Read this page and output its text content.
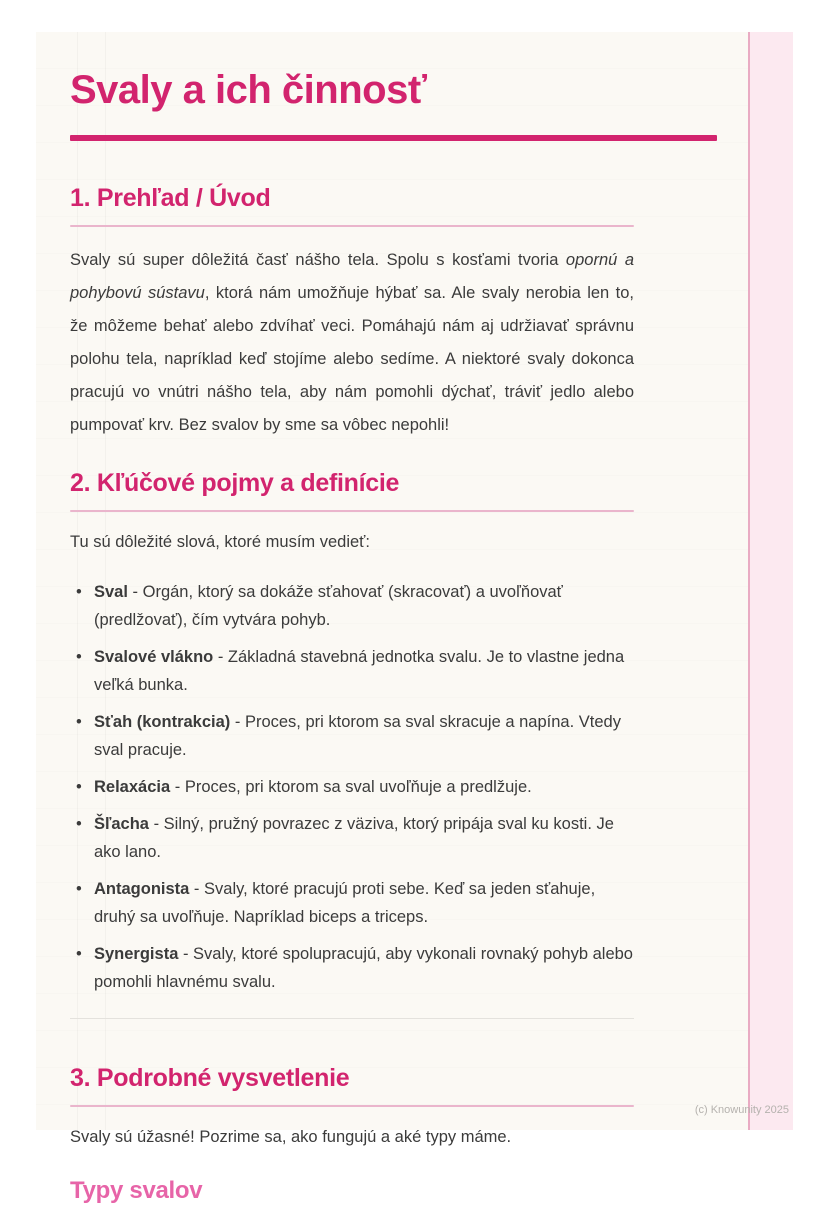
Svaly a ich činnosť
1. Prehľad / Úvod

Svaly sú super dôležitá časť nášho tela. Spolu s kosťami tvoria opornú a pohybovú sústavu, ktorá nám umožňuje hýbať sa. Ale svaly nerobia len to, že môžeme behať alebo zdvíhať veci. Pomáhajú nám aj udržiavať správnu polohu tela, napríklad keď stojíme alebo sedíme. A niektoré svaly dokonca pracujú vo vnútri nášho tela, aby nám pomohli dýchať, tráviť jedlo alebo pumpovať krv. Bez svalov by sme sa vôbec nepohli!

2. Kľúčové pojmy a definície

Tu sú dôležité slová, ktoré musím vedieť:

• Sval - Orgán, ktorý sa dokáže sťahovať (skracovať) a uvoľňovať (predlžovať), čím vytvára pohyb.
• Svalové vlákno - Základná stavebná jednotka svalu. Je to vlastne jedna veľká bunka.
• Sťah (kontrakcia) - Proces, pri ktorom sa sval skracuje a napína. Vtedy sval pracuje.
• Relaxácia - Proces, pri ktorom sa sval uvoľňuje a predlžuje.
• Šľacha - Silný, pružný povrazec z väziva, ktorý pripája sval ku kosti. Je ako lano.
• Antagonista - Svaly, ktoré pracujú proti sebe. Keď sa jeden sťahuje, druhý sa uvoľňuje. Napríklad biceps a triceps.
• Synergista - Svaly, ktoré spolupracujú, aby vykonali rovnaký pohyb alebo pomohli hlavnému svalu.
3. Podrobné vysvetlenie

Svaly sú úžasné! Pozrime sa, ako fungujú a aké typy máme.

Typy svalov
(c) Knowunity 2025
